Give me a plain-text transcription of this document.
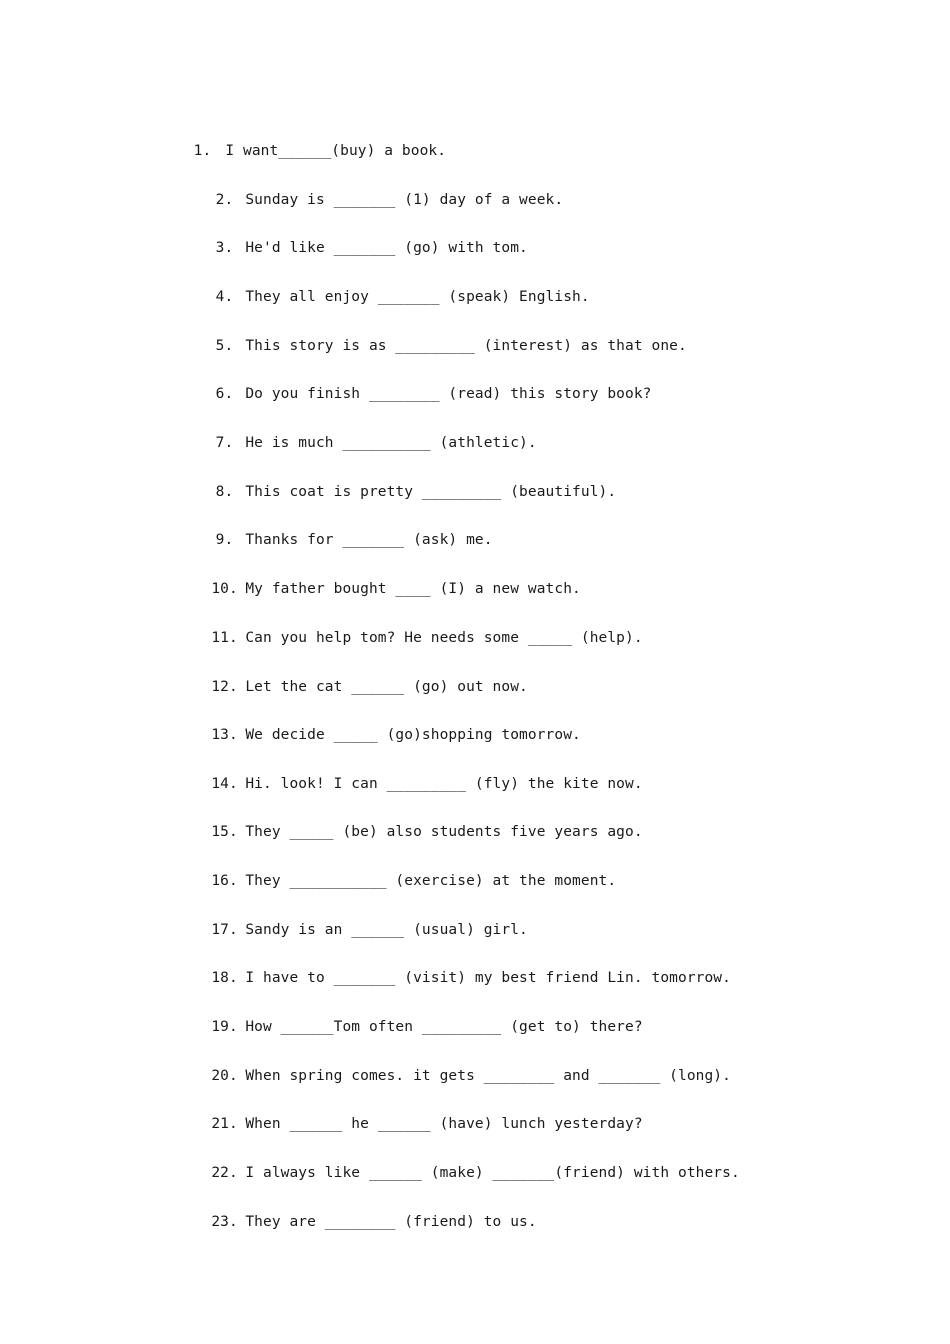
1. I want______(buy) a book.

2. Sunday is _______ (1) day of a week.

3. He'd like _______ (go) with tom.

4. They all enjoy _______ (speak) English.

5. This story is as _________ (interest) as that one.

6. Do you finish ________ (read) this story book?

7. He is much __________ (athletic).

8. This coat is pretty _________ (beautiful).

9. Thanks for _______ (ask) me.

10. My father bought ____ (I) a new watch.

11. Can you help tom? He needs some _____ (help).

12. Let the cat ______ (go) out now.

13. We decide _____ (go)shopping tomorrow.

14. Hi. look! I can _________ (fly) the kite now.

15. They _____ (be) also students five years ago.

16. They ___________ (exercise) at the moment.

17. Sandy is an ______ (usual) girl.

18. I have to _______ (visit) my best friend Lin. tomorrow.

19. How ______Tom often _________ (get to) there?

20. When spring comes. it gets ________ and _______ (long).

21. When ______ he ______ (have) lunch yesterday?

22. I always like ______ (make) _______(friend) with others.

23. They are ________ (friend) to us.
